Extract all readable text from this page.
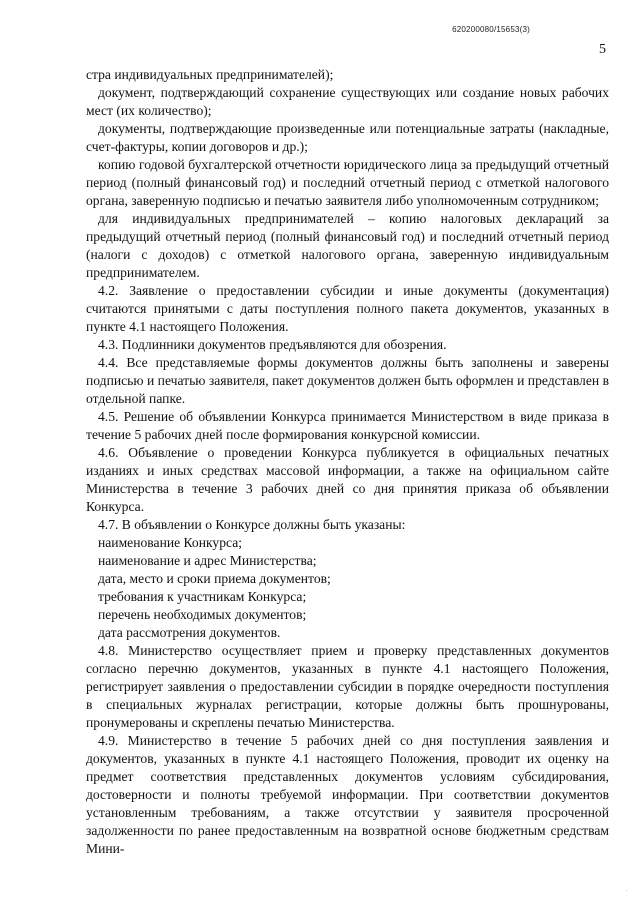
620200080/15653(3)
5

стра индивидуальных предпринимателей);

документ, подтверждающий сохранение существующих или создание новых рабочих мест (их количество);

документы, подтверждающие произведенные или потенциальные затраты (накладные, счет-фактуры, копии договоров и др.);

копию годовой бухгалтерской отчетности юридического лица за предыдущий отчетный период (полный финансовый год) и последний отчетный период с отметкой налогового органа, заверенную подписью и печатью заявителя либо уполномоченным сотрудником;

для индивидуальных предпринимателей – копию налоговых деклараций за предыдущий отчетный период (полный финансовый год) и последний отчетный период (налоги с доходов) с отметкой налогового органа, заверенную индивидуальным предпринимателем.

4.2. Заявление о предоставлении субсидии и иные документы (документация) считаются принятыми с даты поступления полного пакета документов, указанных в пункте 4.1 настоящего Положения.

4.3. Подлинники документов предъявляются для обозрения.

4.4. Все представляемые формы документов должны быть заполнены и заверены подписью и печатью заявителя, пакет документов должен быть оформлен и представлен в отдельной папке.

4.5. Решение об объявлении Конкурса принимается Министерством в виде приказа в течение 5 рабочих дней после формирования конкурсной комиссии.

4.6. Объявление о проведении Конкурса публикуется в официальных печатных изданиях и иных средствах массовой информации, а также на официальном сайте Министерства в течение 3 рабочих дней со дня принятия приказа об объявлении Конкурса.

4.7. В объявлении о Конкурсе должны быть указаны:

наименование Конкурса;

наименование и адрес Министерства;

дата, место и сроки приема документов;

требования к участникам Конкурса;

перечень необходимых документов;

дата рассмотрения документов.

4.8. Министерство осуществляет прием и проверку представленных документов согласно перечню документов, указанных в пункте 4.1 настоящего Положения, регистрирует заявления о предоставлении субсидии в порядке очередности поступления в специальных журналах регистрации, которые должны быть прошнурованы, пронумерованы и скреплены печатью Министерства.

4.9. Министерство в течение 5 рабочих дней со дня поступления заявления и документов, указанных в пункте 4.1 настоящего Положения, проводит их оценку на предмет соответствия представленных документов условиям субсидирования, достоверности и полноты требуемой информации. При соответствии документов установленным требованиям, а также отсутствии у заявителя просроченной задолженности по ранее предоставленным на возвратной основе бюджетным средствам Мини-

·
